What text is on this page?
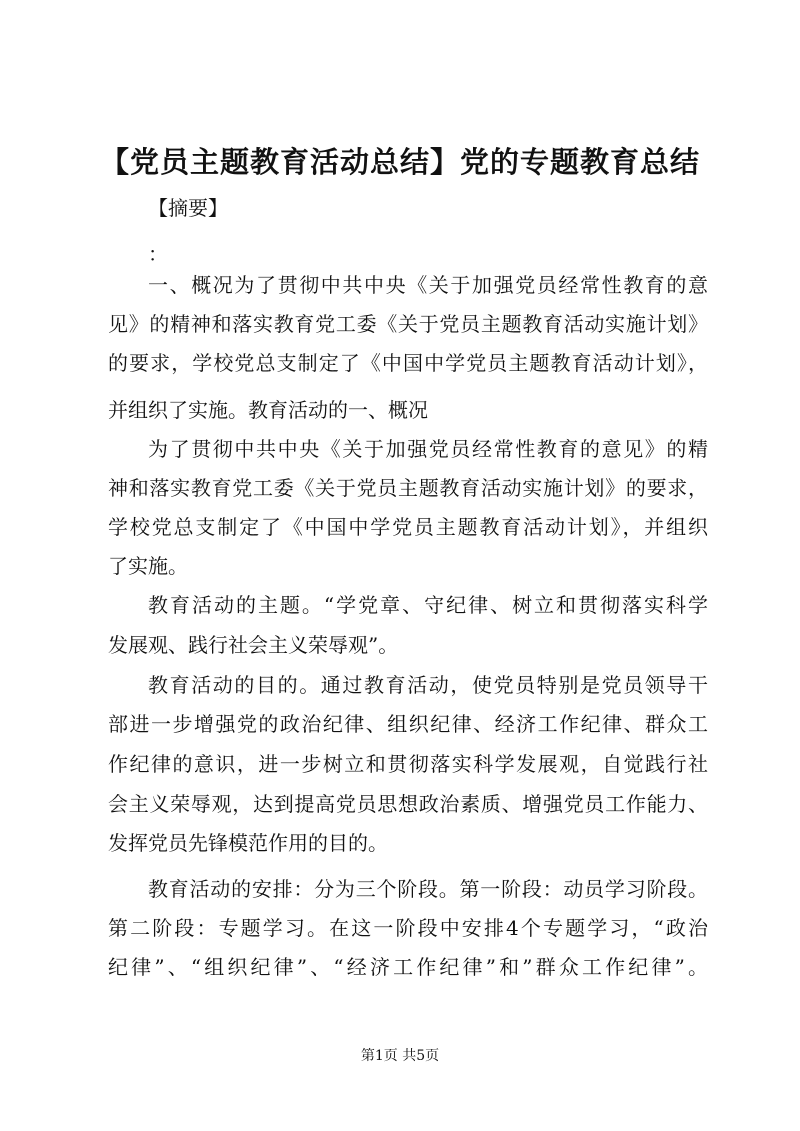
【党员主题教育活动总结】党的专题教育总结

【摘要】

：

一、概况为了贯彻中共中央《关于加强党员经常性教育的意

见》的精神和落实教育党工委《关于党员主题教育活动实施计划》

的要求，学校党总支制定了《中国中学党员主题教育活动计划》，

并组织了实施。教育活动的一、概况

为了贯彻中共中央《关于加强党员经常性教育的意见》的精

神和落实教育党工委《关于党员主题教育活动实施计划》的要求，

学校党总支制定了《中国中学党员主题教育活动计划》，并组织

了实施。

教育活动的主题。“学党章、守纪律、树立和贯彻落实科学

发展观、践行社会主义荣辱观”。

教育活动的目的。通过教育活动，使党员特别是党员领导干

部进一步增强党的政治纪律、组织纪律、经济工作纪律、群众工

作纪律的意识，进一步树立和贯彻落实科学发展观，自觉践行社

会主义荣辱观，达到提高党员思想政治素质、增强党员工作能力、

发挥党员先锋模范作用的目的。

教育活动的安排：分为三个阶段。第一阶段：动员学习阶段。

第二阶段：专题学习。在这一阶段中安排4个专题学习，“政治

纪律”、“组织纪律”、“经济工作纪律”和”群众工作纪律”。

第1页 共5页
